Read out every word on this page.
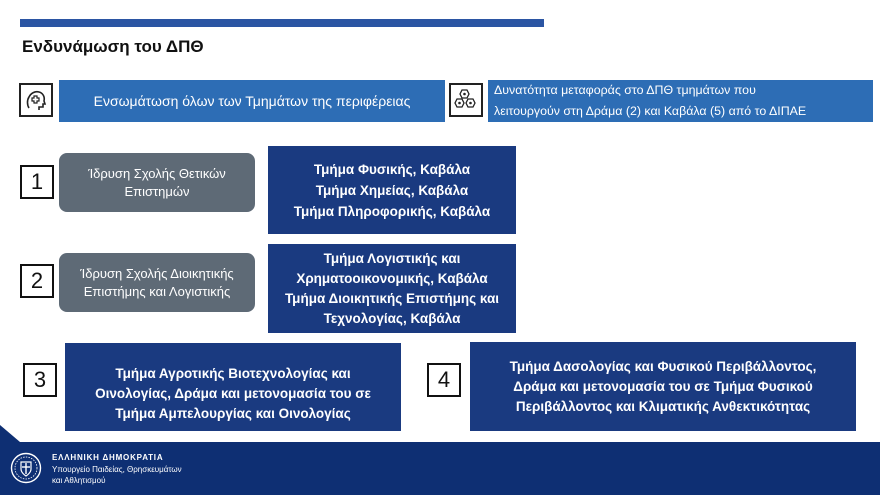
Ενδυνάμωση του ΔΠΘ
Ενσωμάτωση όλων των Τμημάτων της περιφέρειας
Δυνατότητα μεταφοράς στο ΔΠΘ τμημάτων που
λειτουργούν στη Δράμα (2) και Καβάλα (5) από το ΔΙΠΑΕ
1	Ίδρυση Σχολής Θετικών
Επιστημών
Τμήμα Φυσικής, Καβάλα
Τμήμα Χημείας, Καβάλα
Τμήμα Πληροφορικής, Καβάλα
2	Ίδρυση Σχολής Διοικητικής
Επιστήμης και Λογιστικής
Τμήμα Λογιστικής και
Χρηματοοικονομικής, Καβάλα
Τμήμα Διοικητικής Επιστήμης και
Τεχνολογίας, Καβάλα
3	Τμήμα Αγροτικής Βιοτεχνολογίας και
Οινολογίας, Δράμα και μετονομασία του σε
Τμήμα Αμπελουργίας και Οινολογίας
4
Τμήμα Δασολογίας και Φυσικού Περιβάλλοντος,
Δράμα και μετονομασία του σε Τμήμα Φυσικού
Περιβάλλοντος και Κλιματικής Ανθεκτικότητας
ΕΛΛΗΝΙΚΗ ΔΗΜΟΚΡΑΤΙΑ
Υπουργείο Παιδείας, Θρησκευμάτων
και Αθλητισμού
